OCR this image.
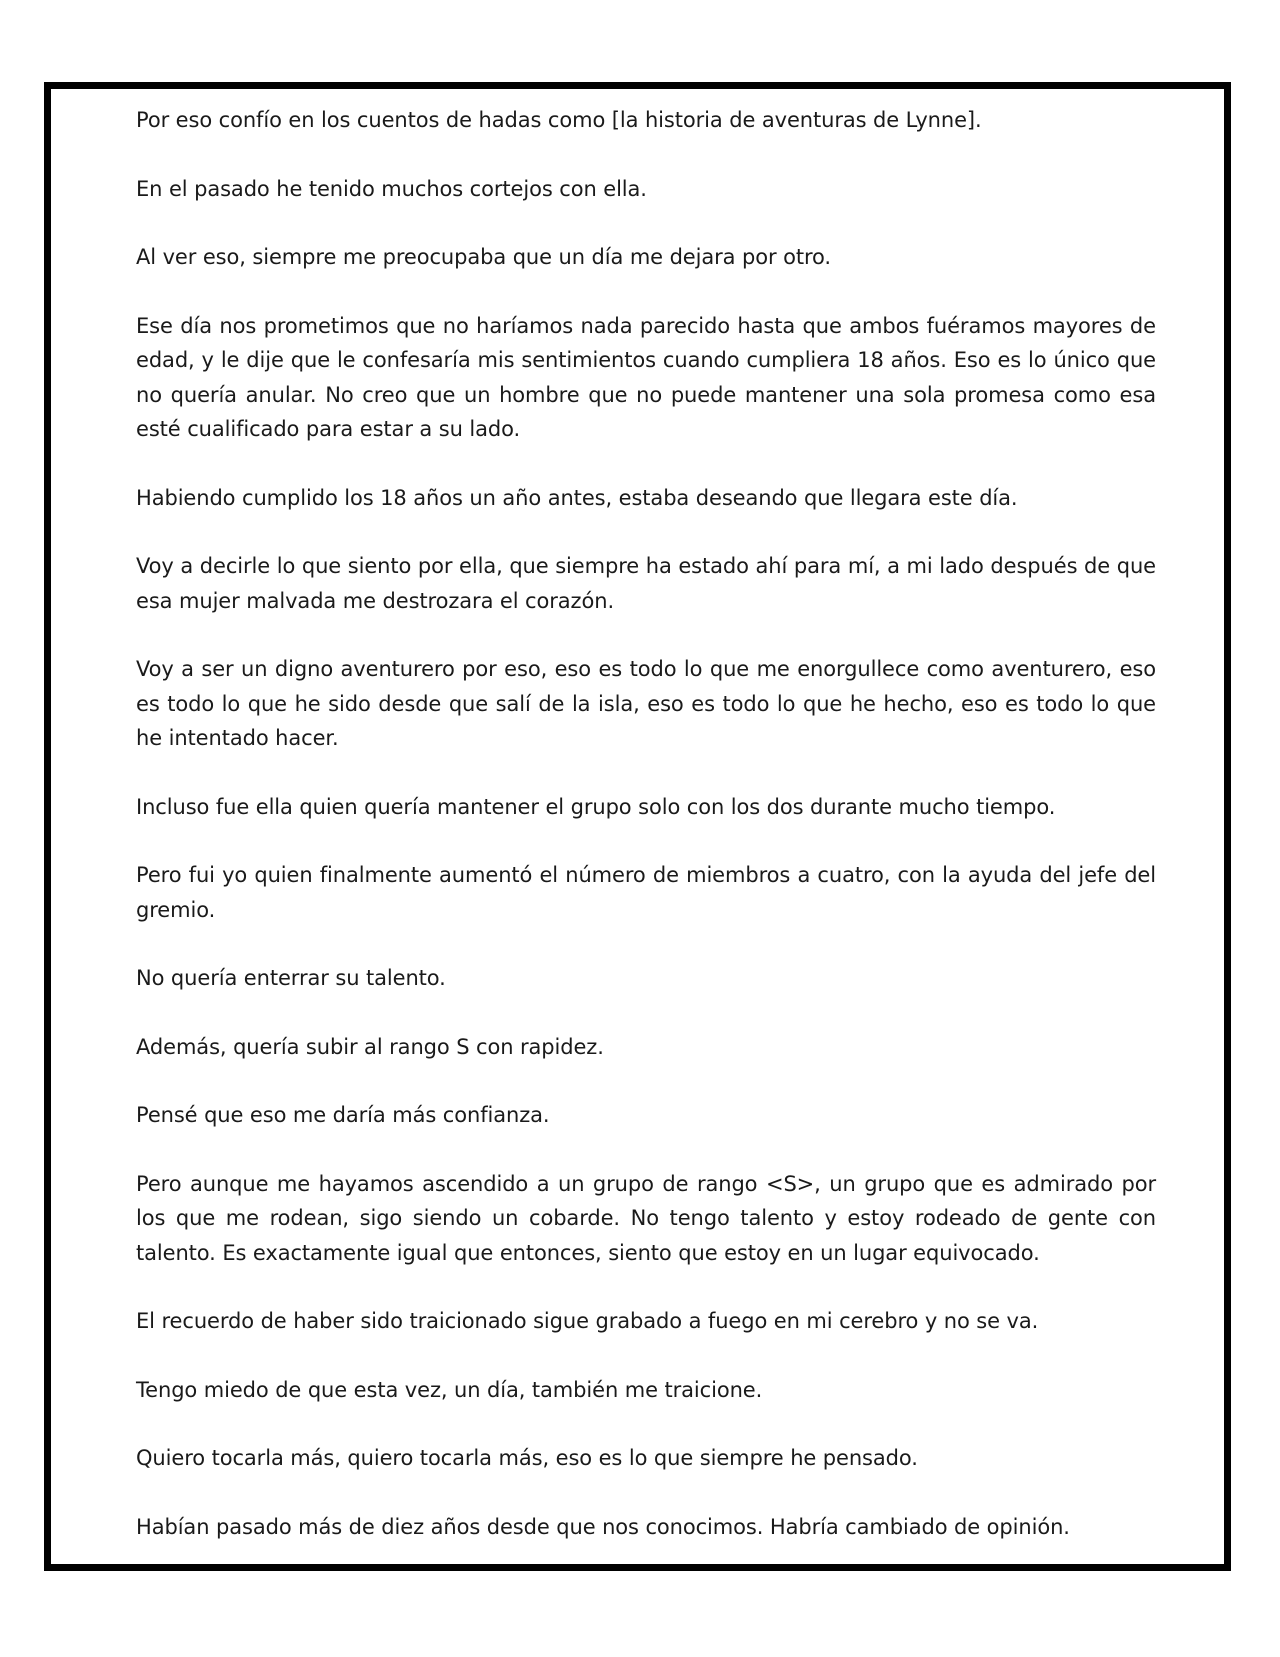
Por eso confío en los cuentos de hadas como [la historia de aventuras de Lynne].

En el pasado he tenido muchos cortejos con ella.

Al ver eso, siempre me preocupaba que un día me dejara por otro.

Ese día nos prometimos que no haríamos nada parecido hasta que ambos fuéramos mayores de edad, y le dije que le confesaría mis sentimientos cuando cumpliera 18 años. Eso es lo único que no quería anular. No creo que un hombre que no puede mantener una sola promesa como esa esté cualificado para estar a su lado.

Habiendo cumplido los 18 años un año antes, estaba deseando que llegara este día.

Voy a decirle lo que siento por ella, que siempre ha estado ahí para mí, a mi lado después de que esa mujer malvada me destrozara el corazón.

Voy a ser un digno aventurero por eso, eso es todo lo que me enorgullece como aventurero, eso es todo lo que he sido desde que salí de la isla, eso es todo lo que he hecho, eso es todo lo que he intentado hacer.

Incluso fue ella quien quería mantener el grupo solo con los dos durante mucho tiempo.

Pero fui yo quien finalmente aumentó el número de miembros a cuatro, con la ayuda del jefe del gremio.

No quería enterrar su talento.

Además, quería subir al rango S con rapidez.

Pensé que eso me daría más confianza.

Pero aunque me hayamos ascendido a un grupo de rango <S>, un grupo que es admirado por los que me rodean, sigo siendo un cobarde. No tengo talento y estoy rodeado de gente con talento. Es exactamente igual que entonces, siento que estoy en un lugar equivocado.

El recuerdo de haber sido traicionado sigue grabado a fuego en mi cerebro y no se va.

Tengo miedo de que esta vez, un día, también me traicione.

Quiero tocarla más, quiero tocarla más, eso es lo que siempre he pensado.

Habían pasado más de diez años desde que nos conocimos. Habría cambiado de opinión.
